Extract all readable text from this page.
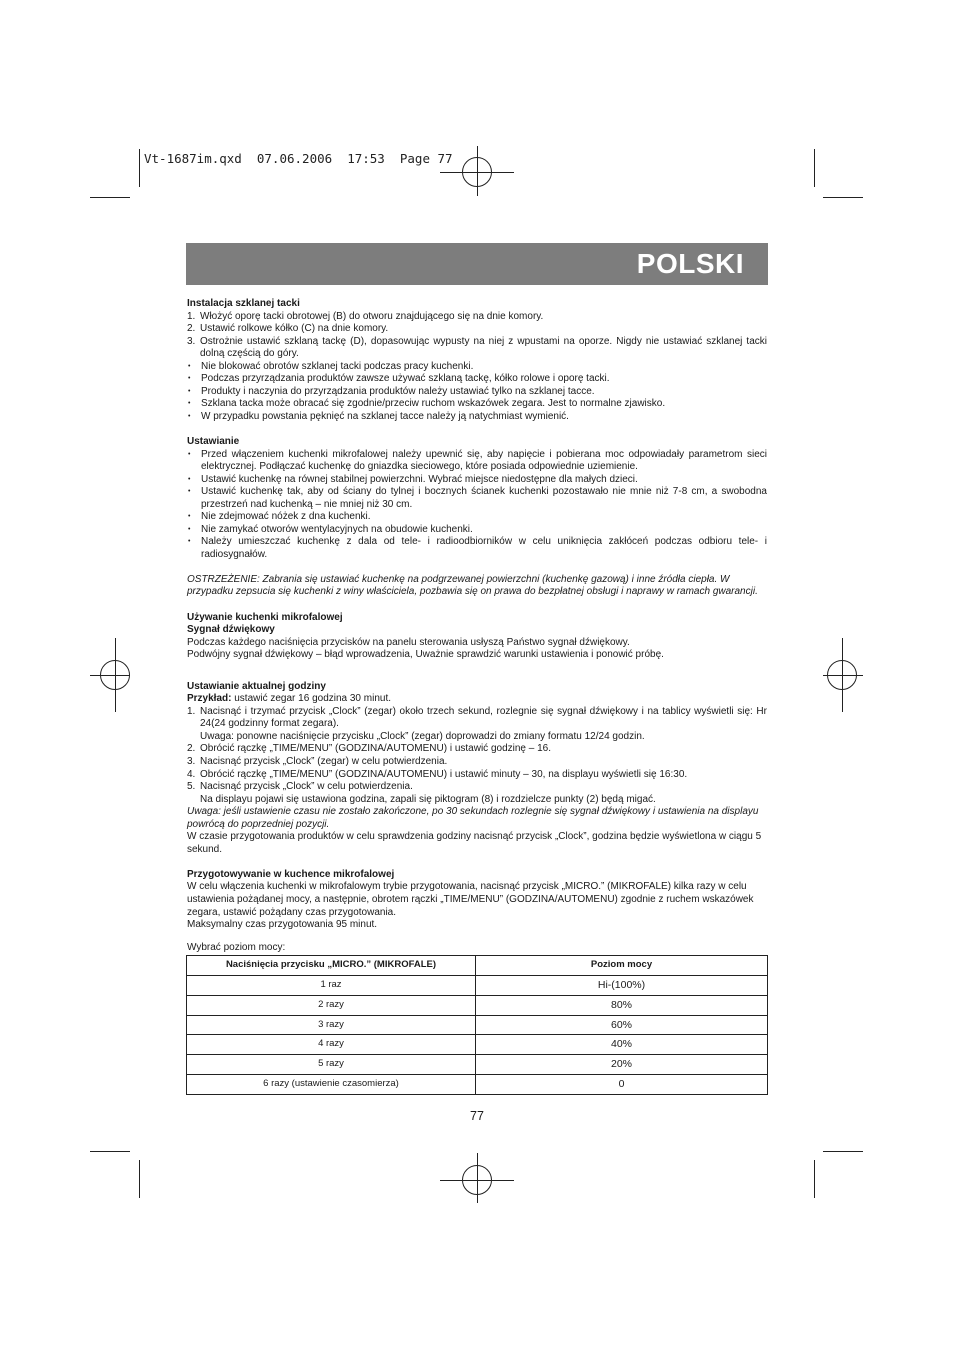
Vt-1687im.qxd  07.06.2006  17:53  Page 77
POLSKI
Instalacja szklanej tacki
1. Włożyć oporę tacki obrotowej (B) do otworu znajdującego się na dnie komory.
2. Ustawić rolkowe kółko (C) na dnie komory.
3. Ostrożnie ustawić szklaną tackę (D), dopasowując wypusty na niej z wpustami na oporze. Nigdy nie ustawiać szklanej tacki dolną częścią do góry.
• Nie blokować obrotów szklanej tacki podczas pracy kuchenki.
• Podczas przyrządzania produktów zawsze używać szklaną tackę, kółko rolowe i oporę tacki.
• Produkty i naczynia do przyrządzania produktów należy ustawiać tylko na szklanej tacce.
• Szklana tacka może obracać się zgodnie/przeciw ruchom wskazówek zegara. Jest to normalne zjawisko.
• W przypadku powstania pęknięć na szklanej tacce należy ją natychmiast wymienić.
Ustawianie
• Przed włączeniem kuchenki mikrofalowej należy upewnić się, aby napięcie i pobierana moc odpowiadały parametrom sieci elektrycznej. Podłączać kuchenkę do gniazdka sieciowego, które posiada odpowiednie uziemienie.
• Ustawić kuchenkę na równej stabilnej powierzchni. Wybrać miejsce niedostępne dla małych dzieci.
• Ustawić kuchenkę tak, aby od ściany do tylnej i bocznych ścianek kuchenki pozostawało nie mnie niż 7-8 cm, a swobodna przestrzeń nad kuchenką – nie mniej niż 30 cm.
• Nie zdejmować nóżek z dna kuchenki.
• Nie zamykać otworów wentylacyjnych na obudowie kuchenki.
• Należy umieszczać kuchenkę z dala od tele- i radioodbiorników w celu uniknięcia zakłóceń podczas odbioru tele- i radiosygnałów.

OSTRZEŻENIE: Zabrania się ustawiać kuchenkę na podgrzewanej powierzchni (kuchenkę gazową) i inne źródła ciepła. W przypadku zepsucia się kuchenki z winy właściciela, pozbawia się on prawa do bezpłatnej obsługi i naprawy w ramach gwarancji.

Używanie kuchenki mikrofalowej
Sygnał dźwiękowy

Podczas każdego naciśnięcia przycisków na panelu sterowania usłyszą Państwo sygnał dźwiękowy.

Podwójny sygnał dźwiękowy – błąd wprowadzenia, Uważnie sprawdzić warunki ustawienia i ponowić próbę.

Ustawianie aktualnej godziny

Przykład: ustawić zegar 16 godzina 30 minut.

1. Nacisnąć i trzymać przycisk „Clock” (zegar) około trzech sekund, rozlegnie się sygnał dźwiękowy i na tablicy wyświetli się: Hr 24(24 godzinny format zegara).
Uwaga: ponowne naciśnięcie przycisku „Clock” (zegar) doprowadzi do zmiany formatu 12/24 godzin.
2. Obrócić rączkę „TIME/MENU” (GODZINA/AUTOMENU) i ustawić godzinę – 16.
3. Nacisnąć przycisk „Clock” (zegar) w celu potwierdzenia.
4. Obrócić rączkę „TIME/MENU” (GODZINA/AUTOMENU) i ustawić minuty – 30, na displayu wyświetli się 16:30.
5. Nacisnąć przycisk „Clock” w celu potwierdzenia.
Na displayu pojawi się ustawiona godzina, zapali się piktogram (8) i rozdzielcze punkty (2) będą migać.

Uwaga: jeśli ustawienie czasu nie zostało zakończone, po 30 sekundach rozlegnie się sygnał dźwiękowy i ustawienia na displayu powrócą do poprzedniej pozycji.

W czasie przygotowania produktów w celu sprawdzenia godziny nacisnąć przycisk „Clock”, godzina będzie wyświetlona w ciągu 5 sekund.

Przygotowywanie w kuchence mikrofalowej

W celu włączenia kuchenki w mikrofalowym trybie przygotowania, nacisnąć przycisk „MICRO.” (MIKROFALE) kilka razy w celu ustawienia pożądanej mocy, a następnie, obrotem rączki „TIME/MENU” (GODZINA/AUTOMENU) zgodnie z ruchem wskazówek zegara, ustawić pożądany czas przygotowania.

Maksymalny czas przygotowania 95 minut.

Wybrać poziom mocy:

Naciśnięcia przycisku „MICRO.” (MIKROFALE)	Poziom mocy
1 raz	Hi-(100%)
2 razy	80%
3 razy	60%
4 razy	40%
5 razy	20%
6 razy (ustawienie czasomierza)	0
77
